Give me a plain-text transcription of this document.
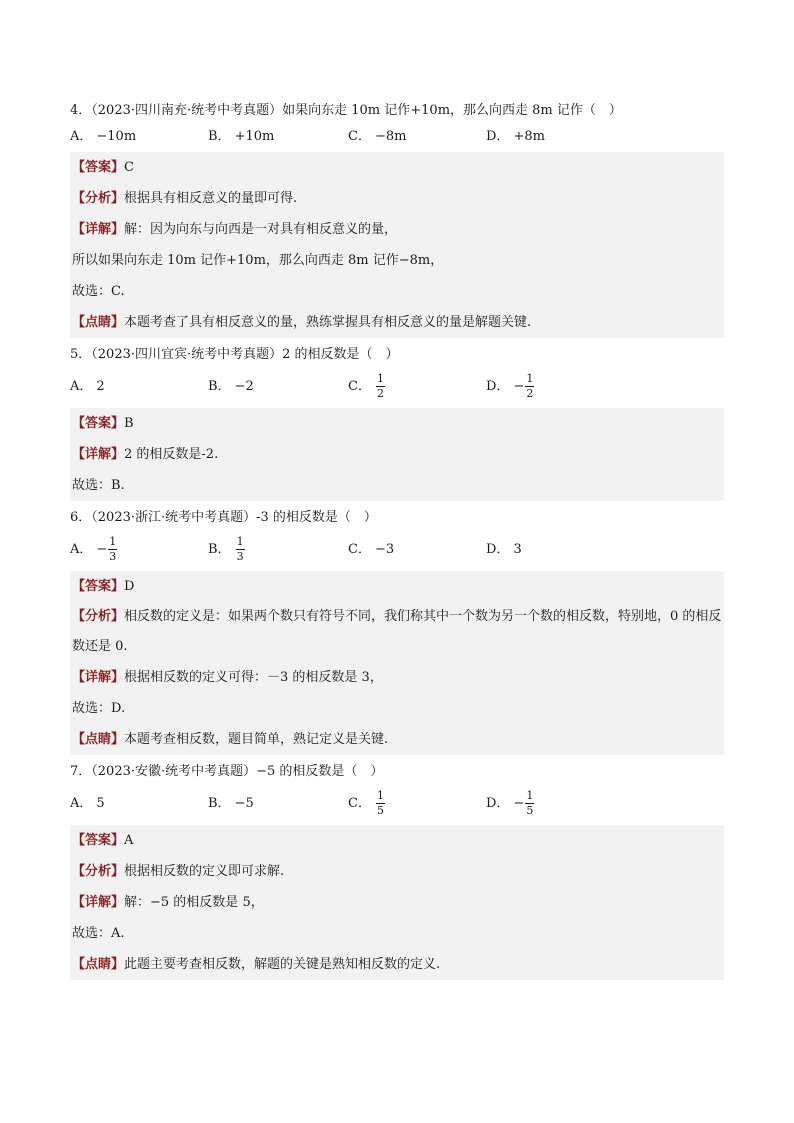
4．（2023·四川南充·统考中考真题）如果向东走 10m 记作+10m，那么向西走 8m 记作（　）
A． −10m	B． +10m	C． −8m	D． +8m
【答案】C
【分析】根据具有相反意义的量即可得.
【详解】解：因为向东与向西是一对具有相反意义的量，
所以如果向东走 10m 记作+10m，那么向西走 8m 记作−8m，
故选：C.
【点睛】本题考查了具有相反意义的量，熟练掌握具有相反意义的量是解题关键.
5．（2023·四川宜宾·统考中考真题）2 的相反数是（　）
A． 2	B． −2	C． $\frac{1}{2}$	D． − $\frac{1}{2}$
【答案】B
【详解】2 的相反数是-2.
故选：B.
6．（2023·浙江·统考中考真题）-3 的相反数是（　）
A． − $\frac{1}{3}$	B． $\frac{1}{3}$	C． −3	D． 3
【答案】D
【分析】相反数的定义是：如果两个数只有符号不同，我们称其中一个数为另一个数的相反数，特别地，0 的相反数还是 0.
【详解】根据相反数的定义可得：－3 的相反数是 3，
故选：D.
【点睛】本题考查相反数，题目简单，熟记定义是关键.
7．（2023·安徽·统考中考真题）−5 的相反数是（　）
A． 5	B． −5	C． $\frac{1}{5}$	D． − $\frac{1}{5}$
【答案】A
【分析】根据相反数的定义即可求解.
【详解】解：−5 的相反数是 5，
故选：A.
【点睛】此题主要考查相反数，解题的关键是熟知相反数的定义.
